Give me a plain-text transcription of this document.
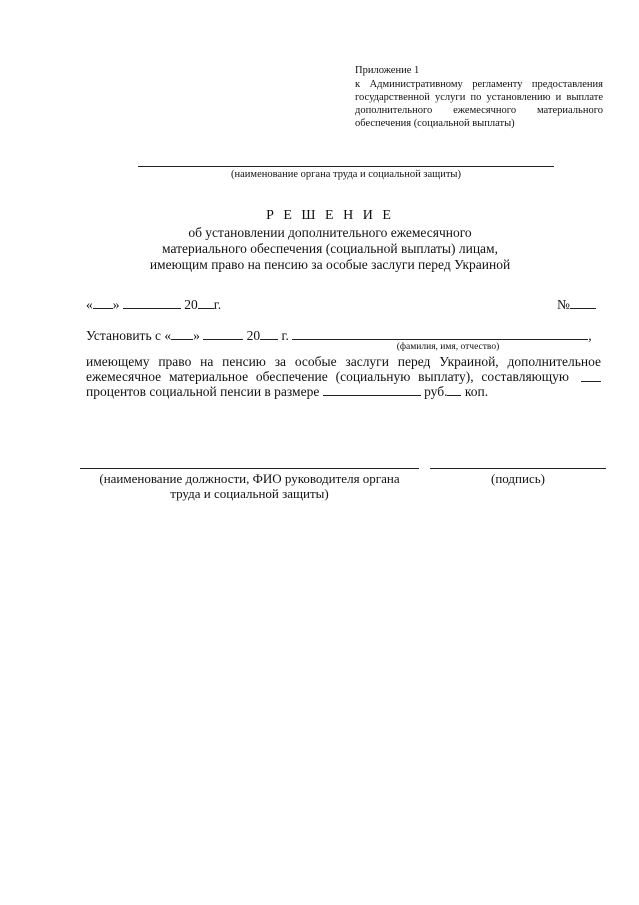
Приложение 1
к Административному регламенту предоставления
государственной услуги по установлению и выплате
дополнительного ежемесячного материального
обеспечения (социальной выплаты)
(наименование органа труда и социальной защиты)
Р Е Ш Е Н И Е
об установлении дополнительного ежемесячного
материального обеспечения (социальной выплаты) лицам,
имеющим право на пенсию за особые заслуги перед Украиной
« »	20 г.	№
Установить с « »	20 г.	,
(фамилия, имя, отчество)
имеющему право на пенсию за особые заслуги перед Украиной, дополнительное
ежемесячное материальное обеспечение (социальную выплату), составляющую
процентов социальной пенсии в размере	руб. коп.
(наименование должности, ФИО руководителя органа
труда и социальной защиты)
(подпись)
